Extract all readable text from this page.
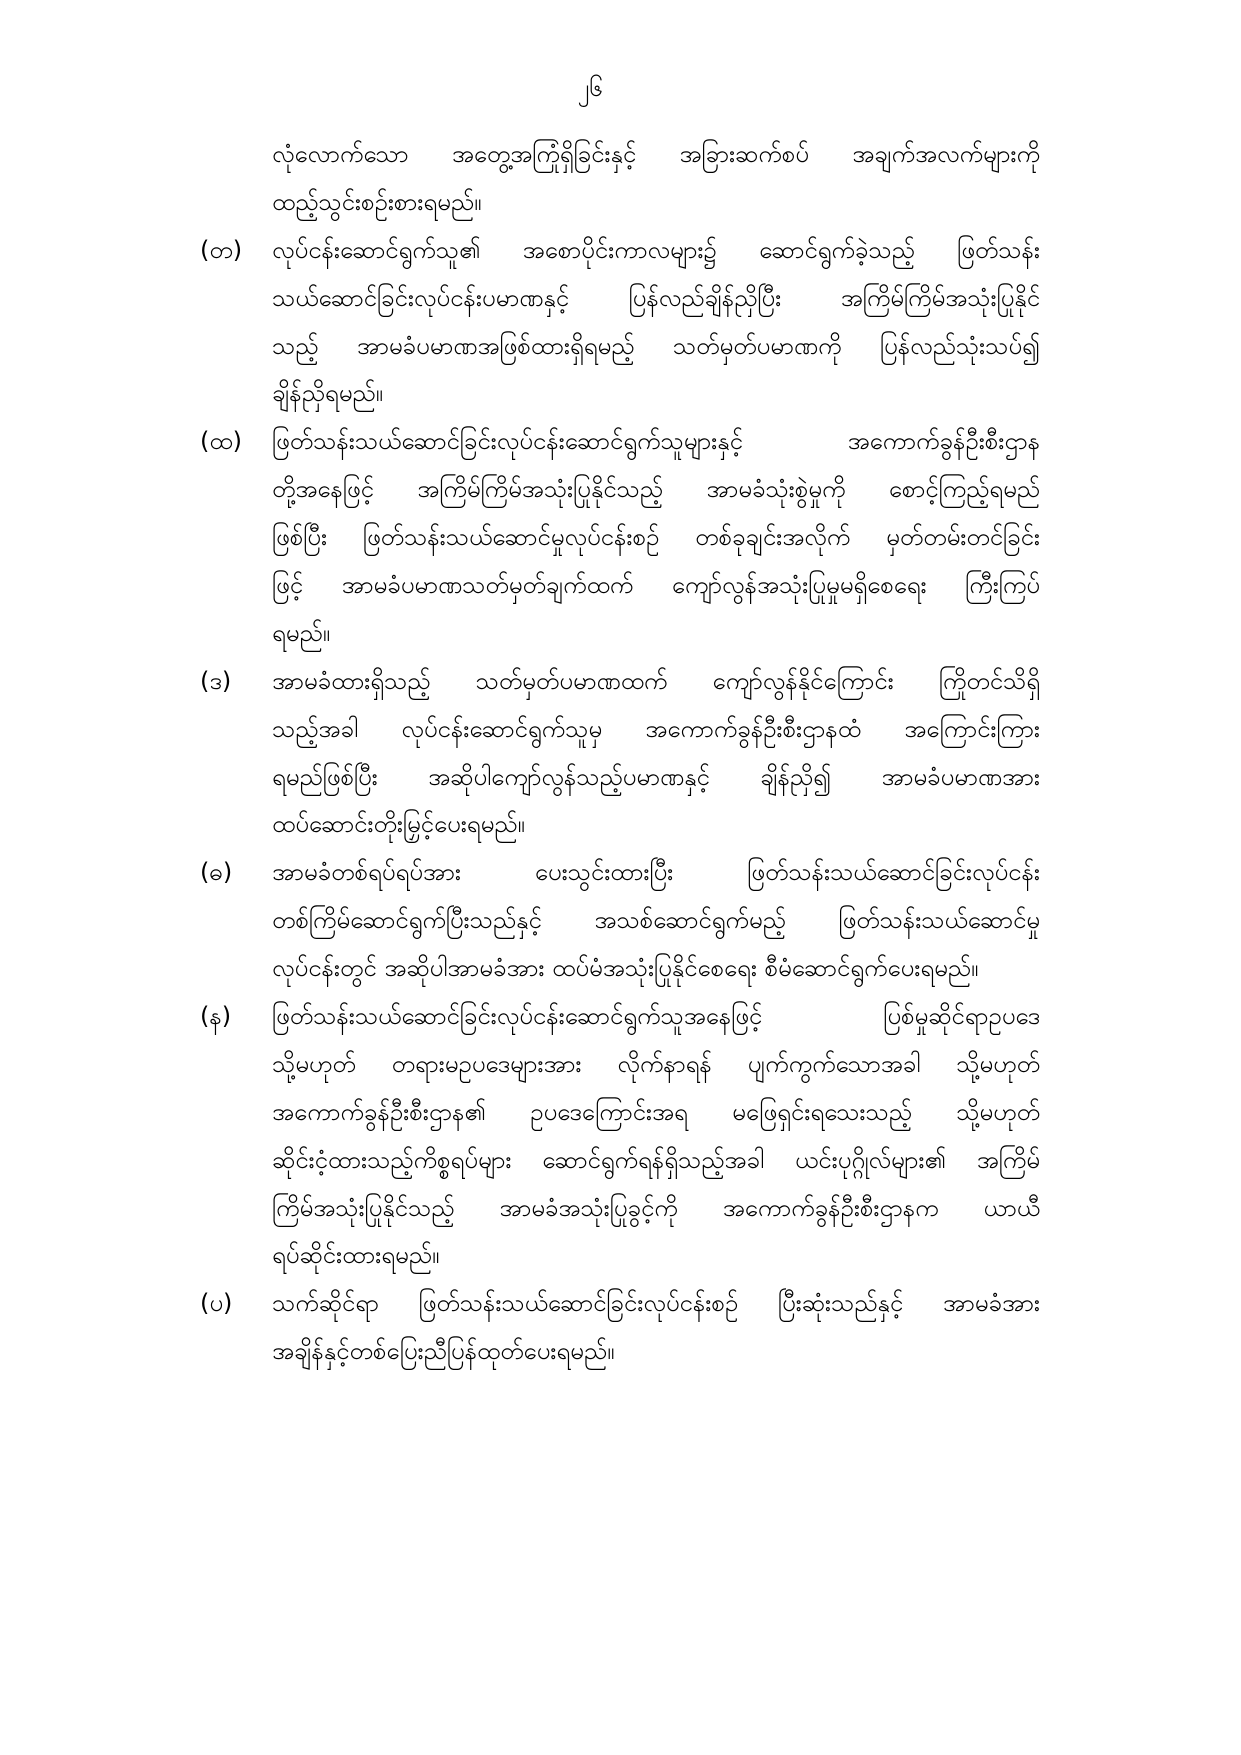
၂၆
လုံလောက်သော အတွေ့အကြုံရှိခြင်းနှင့် အခြားဆက်စပ် အချက်အလက်များကို
ထည့်သွင်းစဉ်းစားရမည်။
(တ)	လုပ်ငန်းဆောင်ရွက်သူ၏ အစောပိုင်းကာလများ၌ ဆောင်ရွက်ခဲ့သည့် ဖြတ်သန်း
သယ်ဆောင်ခြင်းလုပ်ငန်းပမာဏနှင့် ပြန်လည်ချိန်ညှိပြီး အကြိမ်ကြိမ်အသုံးပြုနိုင်
သည့် အာမခံပမာဏအဖြစ်ထားရှိရမည့် သတ်မှတ်ပမာဏကို ပြန်လည်သုံးသပ်၍
ချိန်ညှိရမည်။
(ထ)	ဖြတ်သန်းသယ်ဆောင်ခြင်းလုပ်ငန်းဆောင်ရွက်သူများနှင့် အကောက်ခွန်ဦးစီးဌာန
တို့အနေဖြင့် အကြိမ်ကြိမ်အသုံးပြုနိုင်သည့် အာမခံသုံးစွဲမှုကို စောင့်ကြည့်ရမည်
ဖြစ်ပြီး ဖြတ်သန်းသယ်ဆောင်မှုလုပ်ငန်းစဉ် တစ်ခုချင်းအလိုက် မှတ်တမ်းတင်ခြင်း
ဖြင့် အာမခံပမာဏသတ်မှတ်ချက်ထက် ကျော်လွန်အသုံးပြုမှုမရှိစေရေး ကြီးကြပ်
ရမည်။
(ဒ)	အာမခံထားရှိသည့် သတ်မှတ်ပမာဏထက် ကျော်လွန်နိုင်ကြောင်း ကြိုတင်သိရှိ
သည့်အခါ လုပ်ငန်းဆောင်ရွက်သူမှ အကောက်ခွန်ဦးစီးဌာနထံ အကြောင်းကြား
ရမည်ဖြစ်ပြီး အဆိုပါကျော်လွန်သည့်ပမာဏနှင့် ချိန်ညှိ၍ အာမခံပမာဏအား
ထပ်ဆောင်းတိုးမြှင့်ပေးရမည်။
(ဓ)	အာမခံတစ်ရပ်ရပ်အား ပေးသွင်းထားပြီး ဖြတ်သန်းသယ်ဆောင်ခြင်းလုပ်ငန်း
တစ်ကြိမ်ဆောင်ရွက်ပြီးသည်နှင့် အသစ်ဆောင်ရွက်မည့် ဖြတ်သန်းသယ်ဆောင်မှု
လုပ်ငန်းတွင် အဆိုပါအာမခံအား ထပ်မံအသုံးပြုနိုင်စေရေး စီမံဆောင်ရွက်ပေးရမည်။
(န)	ဖြတ်သန်းသယ်ဆောင်ခြင်းလုပ်ငန်းဆောင်ရွက်သူအနေဖြင့် ပြစ်မှုဆိုင်ရာဥပဒေ
သို့မဟုတ် တရားမဥပဒေများအား လိုက်နာရန် ပျက်ကွက်သောအခါ သို့မဟုတ်
အကောက်ခွန်ဦးစီးဌာန၏ ဥပဒေကြောင်းအရ မဖြေရှင်းရသေးသည့် သို့မဟုတ်
ဆိုင်းငံ့ထားသည့်ကိစ္စရပ်များ ဆောင်ရွက်ရန်ရှိသည့်အခါ ယင်းပုဂ္ဂိုလ်များ၏ အကြိမ်
ကြိမ်အသုံးပြုနိုင်သည့် အာမခံအသုံးပြုခွင့်ကို အကောက်ခွန်ဦးစီးဌာနက ယာယီ
ရပ်ဆိုင်းထားရမည်။
(ပ)	သက်ဆိုင်ရာ ဖြတ်သန်းသယ်ဆောင်ခြင်းလုပ်ငန်းစဉ် ပြီးဆုံးသည်နှင့် အာမခံအား
အချိန်နှင့်တစ်ပြေးညီပြန်ထုတ်ပေးရမည်။
